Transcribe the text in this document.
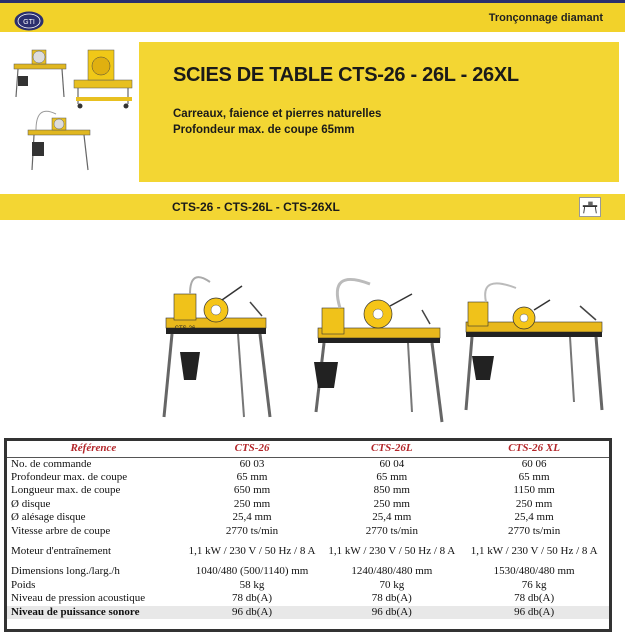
GTI	Tronçonnage diamant
SCIES DE TABLE CTS-26 - 26L - 26XL
Carreaux, faience et pierres naturelles
Profondeur max. de coupe 65mm
CTS-26 - CTS-26L - CTS-26XL
CTS-26
Référence	CTS-26	CTS-26L	CTS-26 XL
No. de commande	60 03	60 04	60 06
Profondeur max. de coupe	65 mm	65 mm	65 mm
Longueur max. de coupe	650 mm	850 mm	1150 mm
Ø disque	250 mm	250 mm	250 mm
Ø alésage disque	25,4 mm	25,4 mm	25,4 mm
Vitesse arbre de coupe	2770 ts/min	2770 ts/min	2770 ts/min
Moteur d'entraînement	1,1 kW / 230 V / 50 Hz / 8 A	1,1 kW / 230 V / 50 Hz / 8 A	1,1 kW / 230 V / 50 Hz / 8 A
Dimensions long./larg./h	1040/480 (500/1140) mm	1240/480/480 mm	1530/480/480 mm
Poids	58 kg	70 kg	76 kg
Niveau de pression acoustique	78 db(A)	78 db(A)	78 db(A)
Niveau de puissance sonore	96 db(A)	96 db(A)	96 db(A)
